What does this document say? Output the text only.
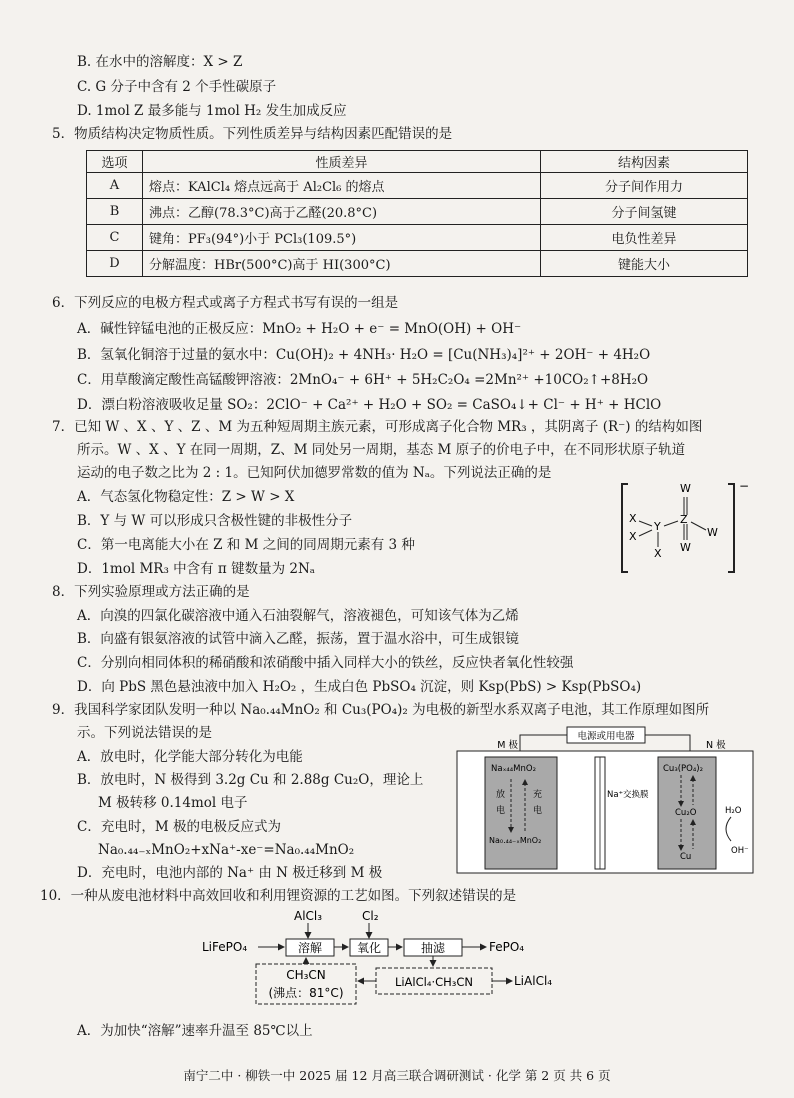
B. 在水中的溶解度：X > Z
C. G 分子中含有 2 个手性碳原子
D. 1mol Z 最多能与 1mol H₂ 发生加成反应
5．物质结构决定物质性质。下列性质差异与结构因素匹配错误的是
选项	性质差异	结构因素
A	熔点：KAlCl₄ 熔点远高于 Al₂Cl₆ 的熔点	分子间作用力
B	沸点：乙醇(78.3°C)高于乙醛(20.8°C)	分子间氢键
C	键角：PF₃(94°)小于 PCl₃(109.5°)	电负性差异
D	分解温度：HBr(500°C)高于 HI(300°C)	键能大小
6．下列反应的电极方程式或离子方程式书写有误的一组是
A．碱性锌锰电池的正极反应：MnO₂ + H₂O + e⁻ = MnO(OH) + OH⁻
B．氢氧化铜溶于过量的氨水中：Cu(OH)₂ + 4NH₃· H₂O = [Cu(NH₃)₄]²⁺ + 2OH⁻ + 4H₂O
C．用草酸滴定酸性高锰酸钾溶液：2MnO₄⁻ + 6H⁺ + 5H₂C₂O₄ =2Mn²⁺ +10CO₂↑+8H₂O
D．漂白粉溶液吸收足量 SO₂：2ClO⁻ + Ca²⁺ + H₂O + SO₂ = CaSO₄↓+ Cl⁻ + H⁺ + HClO
7．已知 W 、X 、Y 、Z 、M 为五种短周期主族元素，可形成离子化合物 MR₃ ，其阴离子 (R⁻) 的结构如图
所示。W 、X 、Y 在同一周期，Z、M 同处另一周期，基态 M 原子的价电子中，在不同形状原子轨道
运动的电子数之比为 2 : 1。已知阿伏加德罗常数的值为 Nₐ。下列说法正确的是
A．气态氢化物稳定性：Z > W > X
B．Y 与 W 可以形成只含极性键的非极性分子
C．第一电离能大小在 Z 和 M 之间的同周期元素有 3 种
D．1mol MR₃ 中含有 π 键数量为 2Nₐ
−
W
X
Y
Z
W
X
W
X
8．下列实验原理或方法正确的是
A．向溴的四氯化碳溶液中通入石油裂解气，溶液褪色，可知该气体为乙烯
B．向盛有银氨溶液的试管中滴入乙醛，振荡，置于温水浴中，可生成银镜
C．分别向相同体积的稀硝酸和浓硝酸中插入同样大小的铁丝，反应快者氧化性较强
D．向 PbS 黑色悬浊液中加入 H₂O₂ ，生成白色 PbSO₄ 沉淀，则 Ksp(PbS) > Ksp(PbSO₄)
9．我国科学家团队发明一种以 Na₀.₄₄MnO₂ 和 Cu₃(PO₄)₂ 为电极的新型水系双离子电池，其工作原理如图所
示。下列说法错误的是
A．放电时，化学能大部分转化为电能
B．放电时，N 极得到 3.2g Cu 和 2.88g Cu₂O，理论上
M 极转移 0.14mol 电子
C．充电时，M 极的电极反应式为
Na₀.₄₄₋ₓMnO₂+xNa⁺-xe⁻=Na₀.₄₄MnO₂
D．充电时，电池内部的 Na⁺ 由 N 极迁移到 M 极
电源或用电器
M 极	N 极
Naₓ₄₄MnO₂
Na₀.₄₄₋ₓMnO₂
放
电
充
电
Na⁺交换膜
Cu₃(PO₄)₂
Cu₂O
Cu
H₂O
OH⁻
10．一种从废电池材料中高效回收和利用锂资源的工艺如图。下列叙述错误的是
AlCl₃	Cl₂
LiFePO₄	溶解	氧化	抽滤	FePO₄
CH₃CN
(沸点：81°C)
LiAlCl₄·CH₃CN	LiAlCl₄
A．为加快“溶解”速率升温至 85℃以上
南宁二中 · 柳铁一中 2025 届 12 月高三联合调研测试 · 化学 第 2 页 共 6 页
